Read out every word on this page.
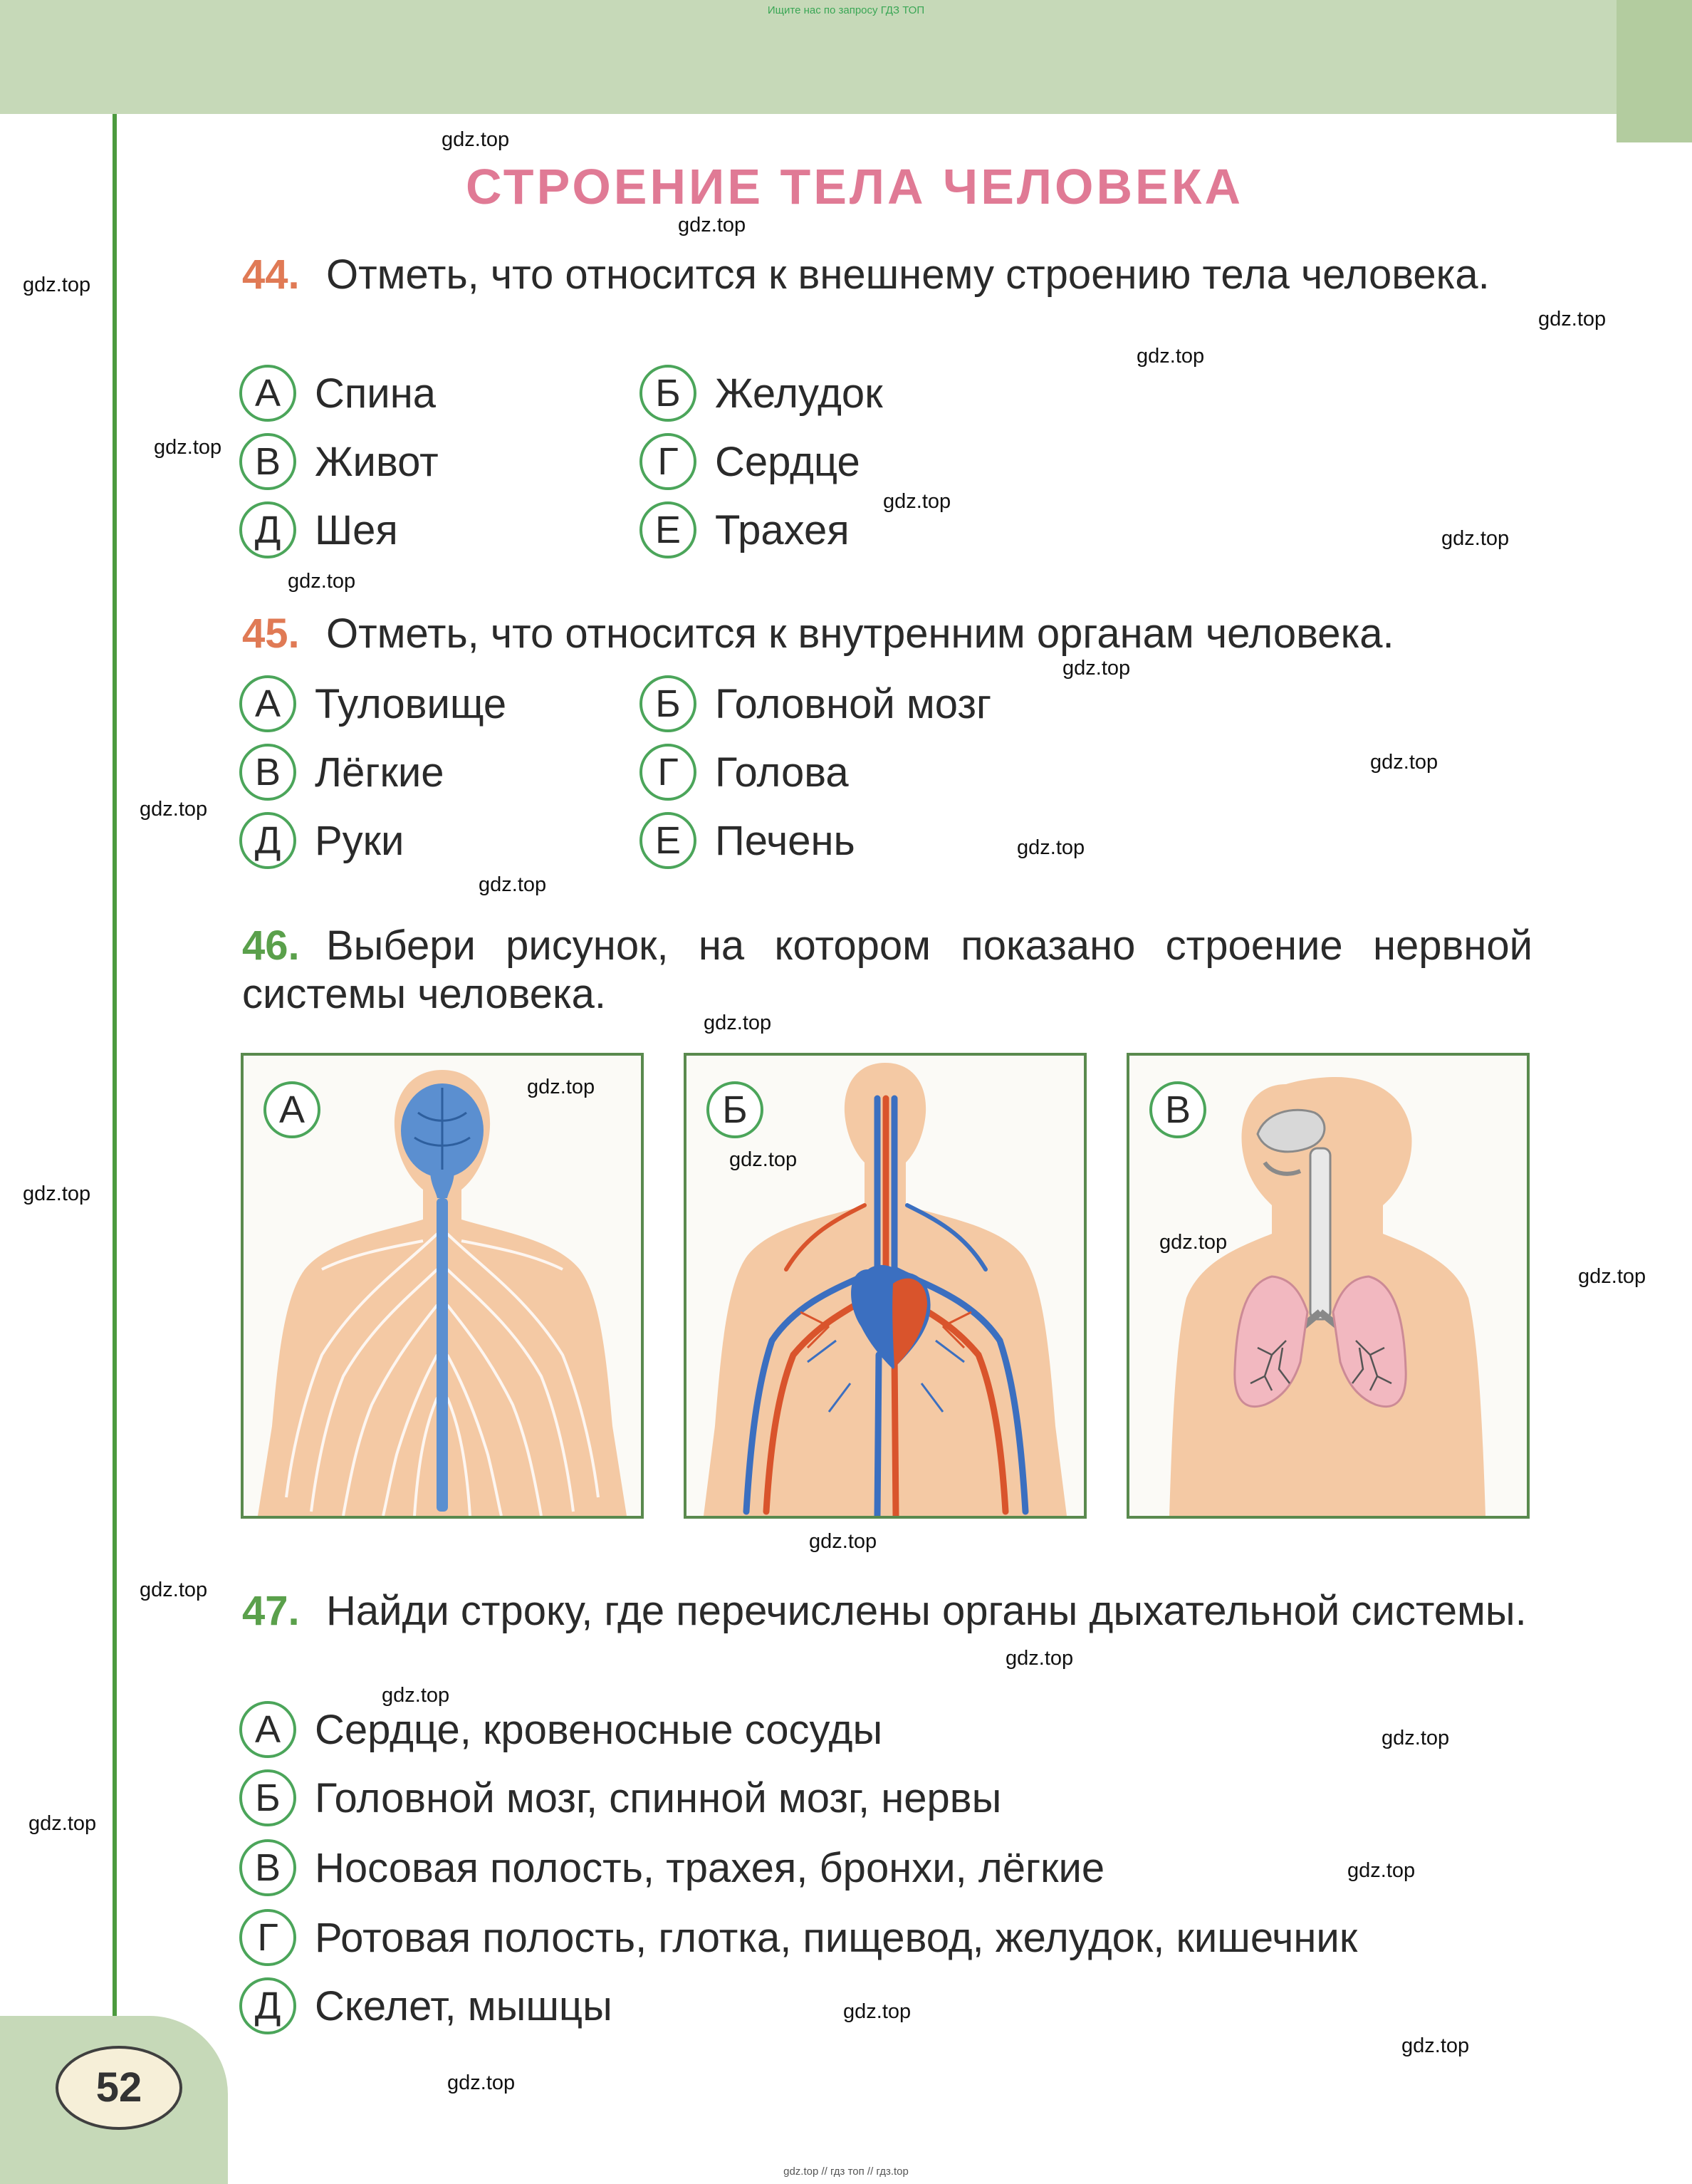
Ищите нас по запросу ГДЗ ТОП
52
СТРОЕНИЕ ТЕЛА ЧЕЛОВЕКА
44. Отметь, что относится к внешнему строению тела человека.
А Спина	Б Желудок
В Живот	Г Сердце
Д Шея	Е Трахея
45. Отметь, что относится к внутренним органам человека.
А Туловище	Б Головной мозг
В Лёгкие	Г Голова
Д Руки	Е Печень
46. Выбери рисунок, на котором показано строение нервной системы человека.
А	Б	В
47. Найди строку, где перечислены органы дыхательной системы.
А Сердце, кровеносные сосуды
Б Головной мозг, спинной мозг, нервы
В Носовая полость, трахея, бронхи, лёгкие
Г Ротовая полость, глотка, пищевод, желудок, кишечник
Д Скелет, мышцы
gdz.top
gdz.top
gdz.top
gdz.top
gdz.top
gdz.top
gdz.top
gdz.top
gdz.top
gdz.top
gdz.top
gdz.top
gdz.top
gdz.top
gdz.top
gdz.top
gdz.top
gdz.top
gdz.top
gdz.top
gdz.top
gdz.top
gdz.top
gdz.top
gdz.top
gdz.top
gdz.top
gdz.top
gdz.top
gdz.top
gdz.top // гдз топ // гдз.top
